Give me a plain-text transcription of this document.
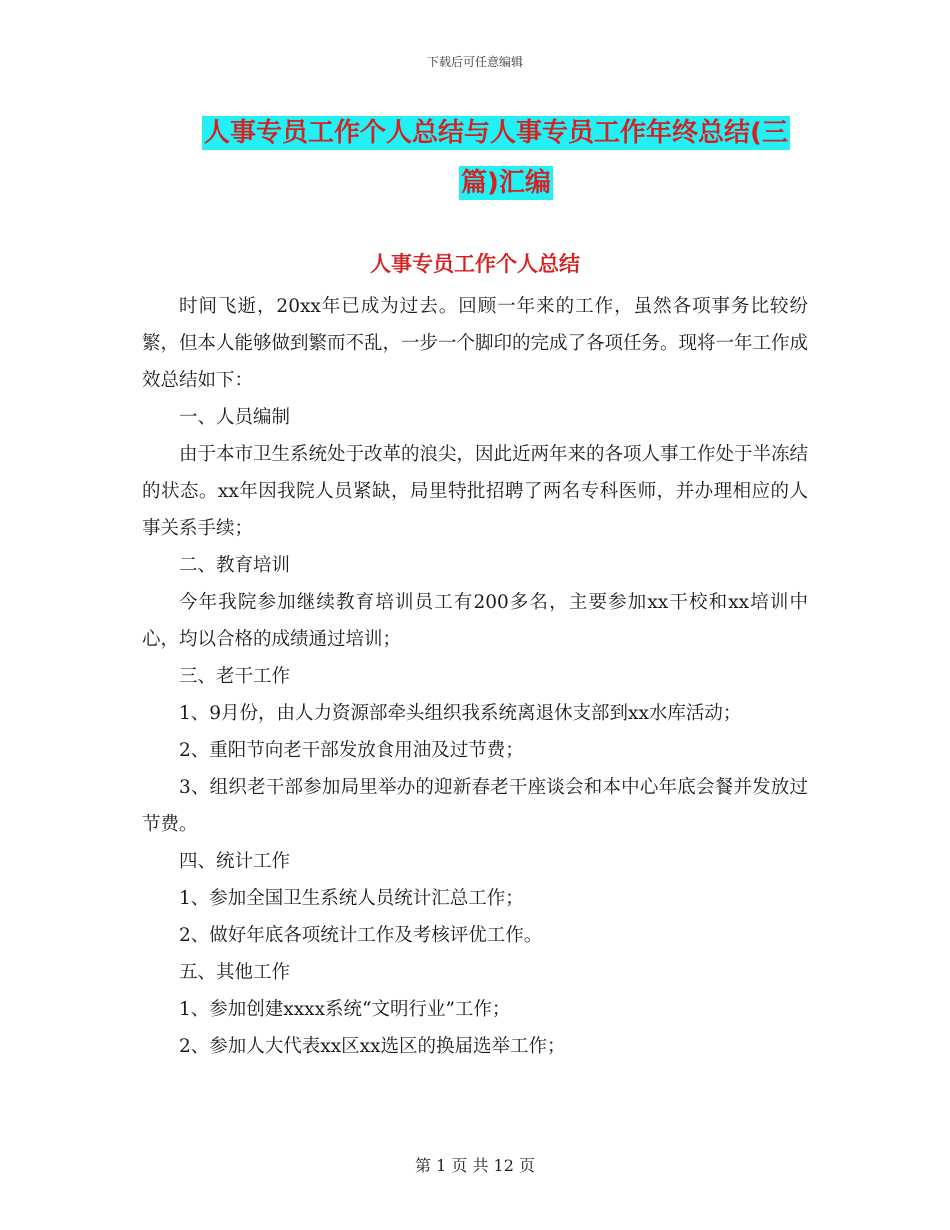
下载后可任意编辑
人事专员工作个人总结与人事专员工作年终总结(三
篇)汇编
人事专员工作个人总结

时间飞逝，20xx年已成为过去。回顾一年来的工作，虽然各项事务比较纷繁，但本人能够做到繁而不乱，一步一个脚印的完成了各项任务。现将一年工作成效总结如下：

一、人员编制

由于本市卫生系统处于改革的浪尖，因此近两年来的各项人事工作处于半冻结的状态。xx年因我院人员紧缺，局里特批招聘了两名专科医师，并办理相应的人事关系手续；

二、教育培训

今年我院参加继续教育培训员工有200多名，主要参加xx干校和xx培训中心，均以合格的成绩通过培训；

三、老干工作

1、9月份，由人力资源部牵头组织我系统离退休支部到xx水库活动；

2、重阳节向老干部发放食用油及过节费；

3、组织老干部参加局里举办的迎新春老干座谈会和本中心年底会餐并发放过节费。

四、统计工作

1、参加全国卫生系统人员统计汇总工作；

2、做好年底各项统计工作及考核评优工作。

五、其他工作

1、参加创建xxxx系统“文明行业”工作；

2、参加人大代表xx区xx选区的换届选举工作；

第 1 页 共 12 页
